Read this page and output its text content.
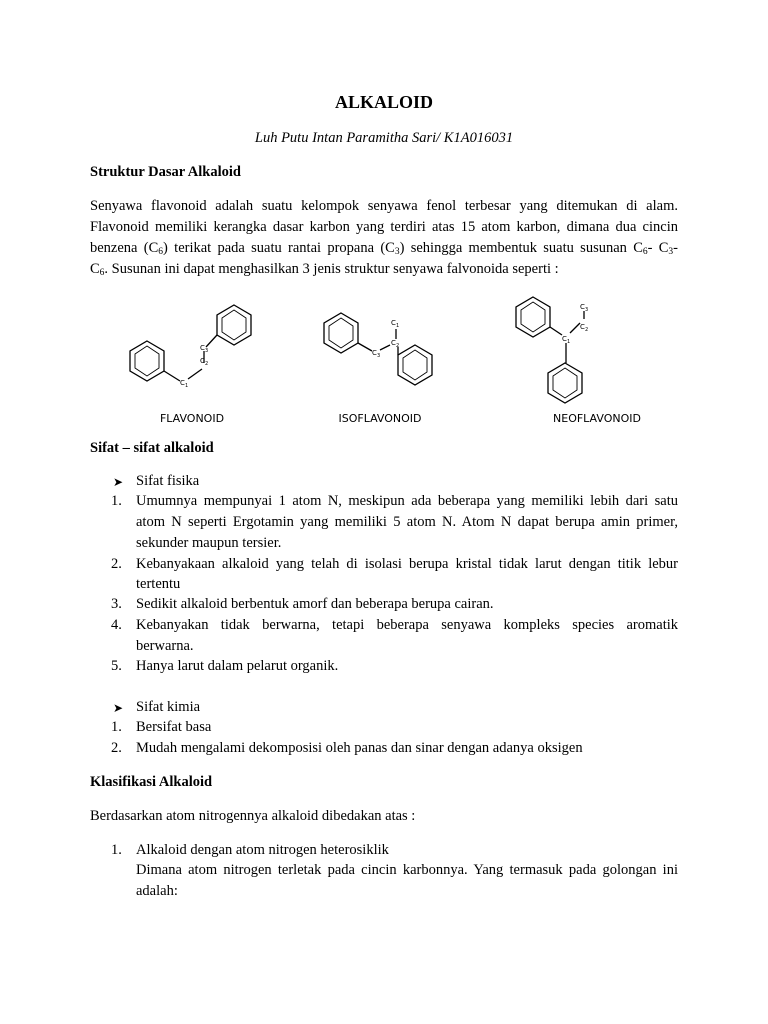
ALKALOID
Luh Putu Intan Paramitha Sari/ K1A016031
Struktur Dasar Alkaloid
Senyawa flavonoid adalah suatu kelompok senyawa fenol terbesar yang ditemukan di alam.
Flavonoid memiliki kerangka dasar karbon yang terdiri atas 15 atom karbon, dimana dua cincin
benzena $(C_6)$ terikat pada suatu rantai propana $(C_3)$ sehingga membentuk suatu susunan $C_6-$ $C_3-$
$C_6$. Susunan ini dapat menghasilkan 3 jenis struktur senyawa falvonoida seperti :
C 1
C 2
C 3	C 3
C 2
C 1
C 3
C 2
C 1
FLAVONOID	ISOFLAVONOID	NEOFLAVONOID
Sifat – sifat alkaloid
➤ Sifat fisika
1. Umumnya mempunyai 1 atom N, meskipun ada beberapa yang memiliki lebih dari satu
atom N seperti Ergotamin yang memiliki 5 atom N. Atom N dapat berupa amin primer,
sekunder maupun tersier.
2. Kebanyakaan alkaloid yang telah di isolasi berupa kristal tidak larut dengan titik lebur
tertentu
3. Sedikit alkaloid berbentuk amorf dan beberapa berupa cairan.
4. Kebanyakan tidak berwarna, tetapi beberapa senyawa kompleks species aromatik
berwarna.
5. Hanya larut dalam pelarut organik.
➤ Sifat kimia
1. Bersifat basa
2. Mudah mengalami dekomposisi oleh panas dan sinar dengan adanya oksigen
Klasifikasi Alkaloid
Berdasarkan atom nitrogennya alkaloid dibedakan atas :
1. Alkaloid dengan atom nitrogen heterosiklik
Dimana atom nitrogen terletak pada cincin karbonnya. Yang termasuk pada golongan ini
adalah:
